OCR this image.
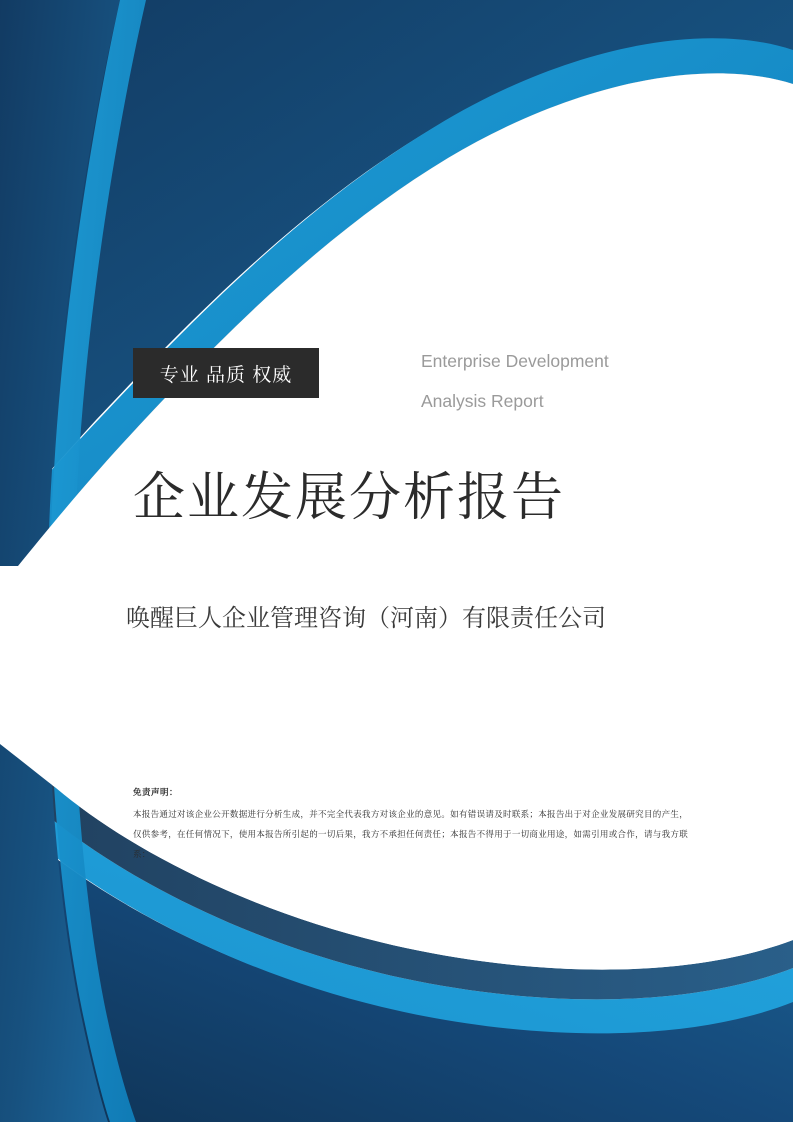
专业 品质 权威
Enterprise Development
Analysis Report
企业发展分析报告
唤醒巨人企业管理咨询（河南）有限责任公司
免责声明：
本报告通过对该企业公开数据进行分析生成，并不完全代表我方对该企业的意见。如有错误请及时联系；本报告出于对企业发展研究目的产生，仅供参考，在任何情况下，使用本报告所引起的一切后果，我方不承担任何责任；本报告不得用于一切商业用途，如需引用或合作，请与我方联系：
